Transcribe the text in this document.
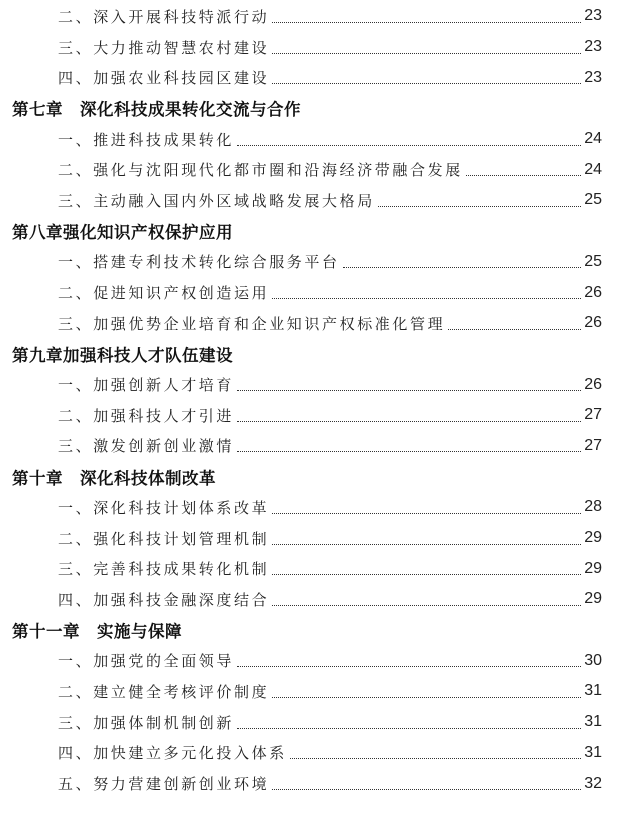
二、深入开展科技特派行动	23
三、大力推动智慧农村建设	23
四、加强农业科技园区建设	23
第七章　深化科技成果转化交流与合作
一、推进科技成果转化	24
二、强化与沈阳现代化都市圈和沿海经济带融合发展	24
三、主动融入国内外区域战略发展大格局	25
第八章强化知识产权保护应用
一、搭建专利技术转化综合服务平台	25
二、促进知识产权创造运用	26
三、加强优势企业培育和企业知识产权标准化管理	26
第九章加强科技人才队伍建设
一、加强创新人才培育	26
二、加强科技人才引进	27
三、激发创新创业激情	27
第十章　深化科技体制改革
一、深化科技计划体系改革	28
二、强化科技计划管理机制	29
三、完善科技成果转化机制	29
四、加强科技金融深度结合	29
第十一章　实施与保障
一、加强党的全面领导	30
二、建立健全考核评价制度	31
三、加强体制机制创新	31
四、加快建立多元化投入体系	31
五、努力营建创新创业环境	32
